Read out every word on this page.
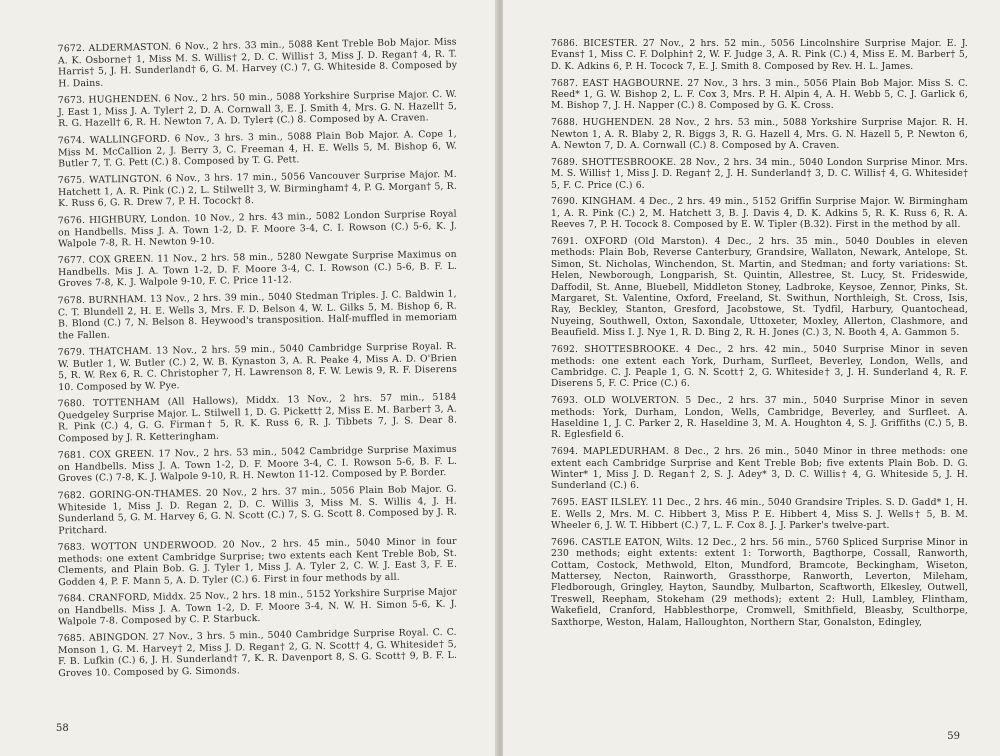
7672. ALDERMASTON. 6 Nov., 2 hrs. 33 min., 5088 Kent Treble Bob Major. Miss A. K. Osborne† 1, Miss M. S. Willis† 2, D. C. Willis† 3, Miss J. D. Regan† 4, R. T. Harris† 5, J. H. Sunderland† 6, G. M. Harvey (C.) 7, G. Whiteside 8. Composed by H. Dains.

7673. HUGHENDEN. 6 Nov., 2 hrs. 50 min., 5088 Yorkshire Surprise Major. C. W. J. East 1, Miss J. A. Tyler† 2, D. A. Cornwall 3, E. J. Smith 4, Mrs. G. N. Hazell† 5, R. G. Hazell† 6, R. H. Newton 7, A. D. Tyler‡ (C.) 8. Composed by A. Craven.

7674. WALLINGFORD. 6 Nov., 3 hrs. 3 min., 5088 Plain Bob Major. A. Cope 1, Miss M. McCallion 2, J. Berry 3, C. Freeman 4, H. E. Wells 5, M. Bishop 6, W. Butler 7, T. G. Pett (C.) 8. Composed by T. G. Pett.

7675. WATLINGTON. 6 Nov., 3 hrs. 17 min., 5056 Vancouver Surprise Major. M. Hatchett 1, A. R. Pink (C.) 2, L. Stilwell† 3, W. Birmingham† 4, P. G. Morgan† 5, R. K. Russ 6, G. R. Drew 7, P. H. Tocock† 8.

7676. HIGHBURY, London. 10 Nov., 2 hrs. 43 min., 5082 London Surprise Royal on Handbells. Miss J. A. Town 1-2, D. F. Moore 3-4, C. I. Rowson (C.) 5-6, K. J. Walpole 7-8, R. H. Newton 9-10.

7677. COX GREEN. 11 Nov., 2 hrs. 58 min., 5280 Newgate Surprise Maximus on Handbells. Mis J. A. Town 1-2, D. F. Moore 3-4, C. I. Rowson (C.) 5-6, B. F. L. Groves 7-8, K. J. Walpole 9-10, F. C. Price 11-12.

7678. BURNHAM. 13 Nov., 2 hrs. 39 min., 5040 Stedman Triples. J. C. Baldwin 1, C. T. Blundell 2, H. E. Wells 3, Mrs. F. D. Belson 4, W. L. Gilks 5, M. Bishop 6, R. B. Blond (C.) 7, N. Belson 8. Heywood's transposition. Half-muffled in memoriam the Fallen.

7679. THATCHAM. 13 Nov., 2 hrs. 59 min., 5040 Cambridge Surprise Royal. R. W. Butler 1, W. Butler (C.) 2, W. B. Kynaston 3, A. R. Peake 4, Miss A. D. O'Brien 5, R. W. Rex 6, R. C. Christopher 7, H. Lawrenson 8, F. W. Lewis 9, R. F. Diserens 10. Composed by W. Pye.

7680. TOTTENHAM (All Hallows), Middx. 13 Nov., 2 hrs. 57 min., 5184 Quedgeley Surprise Major. L. Stilwell 1, D. G. Pickett† 2, Miss E. M. Barber† 3, A. R. Pink (C.) 4, G. G. Firman† 5, R. K. Russ 6, R. J. Tibbets 7, J. S. Dear 8. Composed by J. R. Ketteringham.

7681. COX GREEN. 17 Nov., 2 hrs. 53 min., 5042 Cambridge Surprise Maximus on Handbells. Miss J. A. Town 1-2, D. F. Moore 3-4, C. I. Rowson 5-6, B. F. L. Groves (C.) 7-8, K. J. Walpole 9-10, R. H. Newton 11-12. Composed by P. Border.

7682. GORING-ON-THAMES. 20 Nov., 2 hrs. 37 min., 5056 Plain Bob Major. G. Whiteside 1, Miss J. D. Regan 2, D. C. Willis 3, Miss M. S. Willis 4, J. H. Sunderland 5, G. M. Harvey 6, G. N. Scott (C.) 7, S. G. Scott 8. Composed by J. R. Pritchard.

7683. WOTTON UNDERWOOD. 20 Nov., 2 hrs. 45 min., 5040 Minor in four methods: one extent Cambridge Surprise; two extents each Kent Treble Bob, St. Clements, and Plain Bob. G. J. Tyler 1, Miss J. A. Tyler 2, C. W. J. East 3, F. E. Godden 4, P. F. Mann 5, A. D. Tyler (C.) 6. First in four methods by all.

7684. CRANFORD, Middx. 25 Nov., 2 hrs. 18 min., 5152 Yorkshire Surprise Major on Handbells. Miss J. A. Town 1-2, D. F. Moore 3-4, N. W. H. Simon 5-6, K. J. Walpole 7-8. Composed by C. P. Starbuck.

7685. ABINGDON. 27 Nov., 3 hrs. 5 min., 5040 Cambridge Surprise Royal. C. C. Monson 1, G. M. Harvey† 2, Miss J. D. Regan† 2, G. N. Scott† 4, G. Whiteside† 5, F. B. Lufkin (C.) 6, J. H. Sunderland† 7, K. R. Davenport 8, S. G. Scott† 9, B. F. L. Groves 10. Composed by G. Simonds.

58

7686. BICESTER. 27 Nov., 2 hrs. 52 min., 5056 Lincolnshire Surprise Major. E. J. Evans† 1, Miss C. F. Dolphin† 2, W. F. Judge 3, A. R. Pink (C.) 4, Miss E. M. Barber† 5, D. K. Adkins 6, P. H. Tocock 7, E. J. Smith 8. Composed by Rev. H. L. James.

7687. EAST HAGBOURNE. 27 Nov., 3 hrs. 3 min., 5056 Plain Bob Major. Miss S. C. Reed* 1, G. W. Bishop 2, L. F. Cox 3, Mrs. P. H. Alpin 4, A. H. Webb 5, C. J. Garlick 6, M. Bishop 7, J. H. Napper (C.) 8. Composed by G. K. Cross.

7688. HUGHENDEN. 28 Nov., 2 hrs. 53 min., 5088 Yorkshire Surprise Major. R. H. Newton 1, A. R. Blaby 2, R. Biggs 3, R. G. Hazell 4, Mrs. G. N. Hazell 5, P. Newton 6, A. Newton 7, D. A. Cornwall (C.) 8. Composed by A. Craven.

7689. SHOTTESBROOKE. 28 Nov., 2 hrs. 34 min., 5040 London Surprise Minor. Mrs. M. S. Willis† 1, Miss J. D. Regan† 2, J. H. Sunderland† 3, D. C. Willis† 4, G. Whiteside† 5, F. C. Price (C.) 6.

7690. KINGHAM. 4 Dec., 2 hrs. 49 min., 5152 Griffin Surprise Major. W. Birmingham 1, A. R. Pink (C.) 2, M. Hatchett 3, B. J. Davis 4, D. K. Adkins 5, R. K. Russ 6, R. A. Reeves 7, P. H. Tocock 8. Composed by E. W. Tipler (B.32). First in the method by all.

7691. OXFORD (Old Marston). 4 Dec., 2 hrs. 35 min., 5040 Doubles in eleven methods: Plain Bob, Reverse Canterbury, Grandsire, Wallaton, Newark, Antelope, St. Simon, St. Nicholas, Winchendon, St. Martin, and Stedman; and forty variations: St. Helen, Newborough, Longparish, St. Quintin, Allestree, St. Lucy, St. Frideswide, Daffodil, St. Anne, Bluebell, Middleton Stoney, Ladbroke, Keysoe, Zennor, Pinks, St. Margaret, St. Valentine, Oxford, Freeland, St. Swithun, Northleigh, St. Cross, Isis, Ray, Beckley, Stanton, Gresford, Jacobstowe, St. Tydfil, Harbury, Quantochead, Nuyeing, Southwell, Oxton, Saxondale, Uttoxeter, Moxley, Allerton, Clashmore, and Beaufield. Miss I. J. Nye 1, R. D. Bing 2, R. H. Jones (C.) 3, N. Booth 4, A. Gammon 5.

7692. SHOTTESBROOKE. 4 Dec., 2 hrs. 42 min., 5040 Surprise Minor in seven methods: one extent each York, Durham, Surfleet, Beverley, London, Wells, and Cambridge. C. J. Peaple 1, G. N. Scott† 2, G. Whiteside† 3, J. H. Sunderland 4, R. F. Diserens 5, F. C. Price (C.) 6.

7693. OLD WOLVERTON. 5 Dec., 2 hrs. 37 min., 5040 Surprise Minor in seven methods: York, Durham, London, Wells, Cambridge, Beverley, and Surfleet. A. Haseldine 1, J. C. Parker 2, R. Haseldine 3, M. A. Houghton 4, S. J. Griffiths (C.) 5, B. R. Eglesfield 6.

7694. MAPLEDURHAM. 8 Dec., 2 hrs. 26 min., 5040 Minor in three methods: one extent each Cambridge Surprise and Kent Treble Bob; five extents Plain Bob. D. G. Winter* 1, Miss J. D. Regan† 2, S. J. Adey* 3, D. C. Willis† 4, G. Whiteside 5, J. H. Sunderland (C.) 6.

7695. EAST ILSLEY. 11 Dec., 2 hrs. 46 min., 5040 Grandsire Triples. S. D. Gadd* 1, H. E. Wells 2, Mrs. M. C. Hibbert 3, Miss P. E. Hibbert 4, Miss S. J. Wells† 5, B. M. Wheeler 6, J. W. T. Hibbert (C.) 7, L. F. Cox 8. J. J. Parker's twelve-part.

7696. CASTLE EATON, Wilts. 12 Dec., 2 hrs. 56 min., 5760 Spliced Surprise Minor in 230 methods; eight extents: extent 1: Torworth, Bagthorpe, Cossall, Ranworth, Cottam, Costock, Methwold, Elton, Mundford, Bramcote, Beckingham, Wiseton, Mattersey, Necton, Rainworth, Grassthorpe, Ranworth, Leverton, Mileham, Fledborough, Gringley, Hayton, Saundby, Mulbarton, Scaftworth, Elkesley, Outwell, Treswell, Reepham, Stokeham (29 methods); extent 2: Hull, Lambley, Flintham, Wakefield, Cranford, Habblesthorpe, Cromwell, Smithfield, Bleasby, Sculthorpe, Saxthorpe, Weston, Halam, Halloughton, Northern Star, Gonalston, Edingley,

59
